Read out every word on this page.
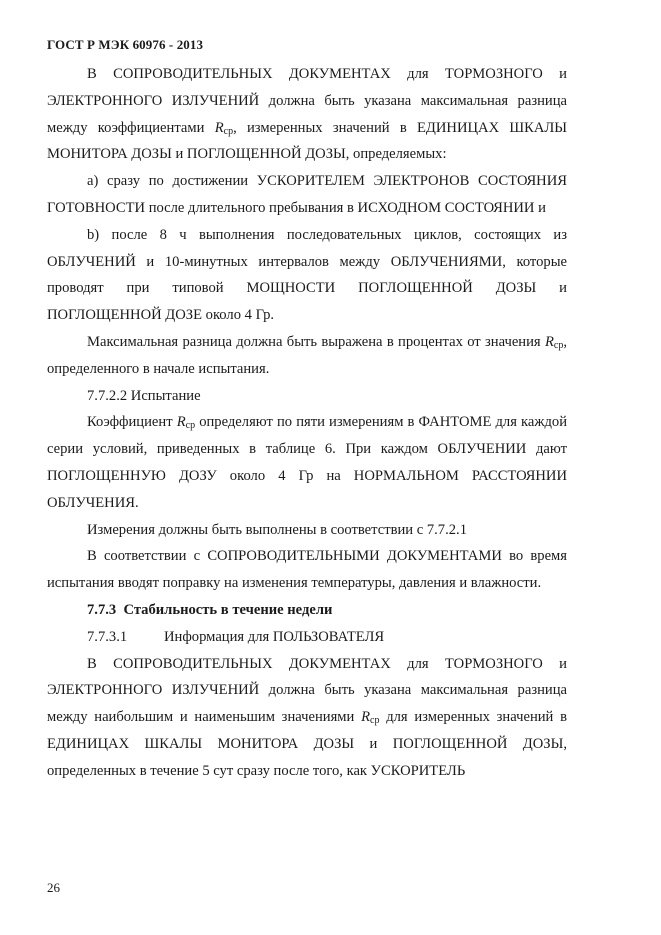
ГОСТ Р МЭК 60976 - 2013

В СОПРОВОДИТЕЛЬНЫХ ДОКУМЕНТАХ для ТОРМОЗНОГО и ЭЛЕКТРОННОГО ИЗЛУЧЕНИЙ должна быть указана максимальная разница между коэффициентами $R_{ср}$, измеренных значений в ЕДИНИЦАХ ШКАЛЫ МОНИТОРА ДОЗЫ и ПОГЛОЩЕННОЙ ДОЗЫ, определяемых:

а) сразу по достижении УСКОРИТЕЛЕМ ЭЛЕКТРОНОВ СОСТОЯНИЯ ГОТОВНОСТИ после длительного пребывания в ИСХОДНОМ СОСТОЯНИИ и

b) после 8 ч выполнения последовательных циклов, состоящих из ОБЛУЧЕНИЙ и 10-минутных интервалов между ОБЛУЧЕНИЯМИ, которые проводят при типовой МОЩНОСТИ ПОГЛОЩЕННОЙ ДОЗЫ и ПОГЛОЩЕННОЙ ДОЗЕ около 4 Гр.

Максимальная разница должна быть выражена в процентах от значения $R_{ср}$, определенного в начале испытания.

7.7.2.2 Испытание

Коэффициент $R_{ср}$ определяют по пяти измерениям в ФАНТОМЕ для каждой серии условий, приведенных в таблице 6. При каждом ОБЛУЧЕНИИ дают ПОГЛОЩЕННУЮ ДОЗУ около 4 Гр на НОРМАЛЬНОМ РАССТОЯНИИ ОБЛУЧЕНИЯ.

Измерения должны быть выполнены в соответствии с 7.7.2.1

В соответствии с СОПРОВОДИТЕЛЬНЫМИ ДОКУМЕНТАМИ во время испытания вводят поправку на изменения температуры, давления и влажности.

7.7.3 Стабильность в течение недели

7.7.3.1	Информация для ПОЛЬЗОВАТЕЛЯ

В СОПРОВОДИТЕЛЬНЫХ ДОКУМЕНТАХ для ТОРМОЗНОГО и ЭЛЕКТРОННОГО ИЗЛУЧЕНИЙ должна быть указана максимальная разница между наибольшим и наименьшим значениями $R_{ср}$ для измеренных значений в ЕДИНИЦАХ ШКАЛЫ МОНИТОРА ДОЗЫ и ПОГЛОЩЕННОЙ ДОЗЫ, определенных в течение 5 сут сразу после того, как УСКОРИТЕЛЬ

26
